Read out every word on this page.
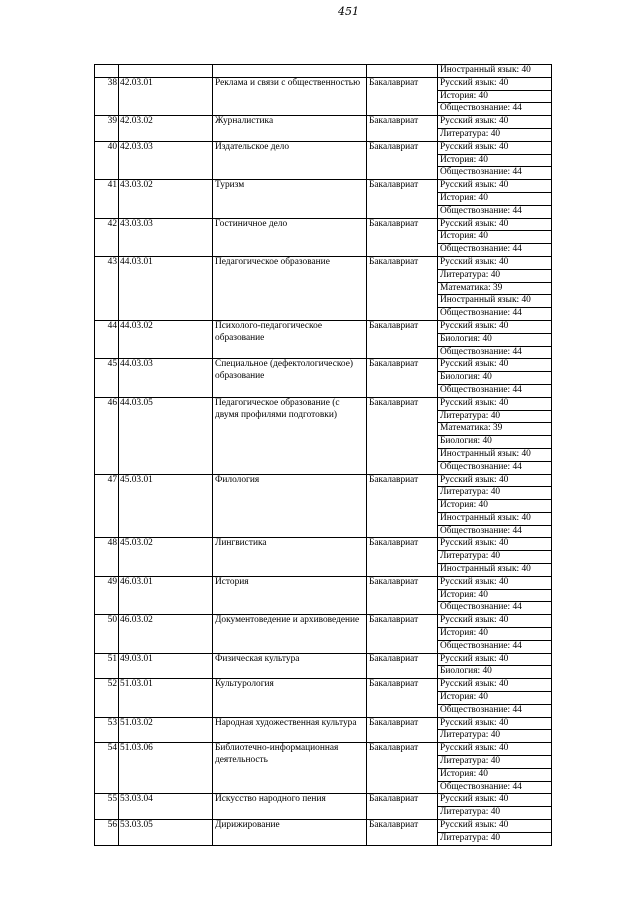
451
				Иностранный язык: 40
38	42.03.01	Реклама и связи с общественностью	Бакалавриат	Русский язык: 40
				История: 40
				Обществознание: 44
39	42.03.02	Журналистика	Бакалавриат	Русский язык: 40
				Литература: 40
40	42.03.03	Издательское дело	Бакалавриат	Русский язык: 40
				История: 40
				Обществознание: 44
41	43.03.02	Туризм	Бакалавриат	Русский язык: 40
				История: 40
				Обществознание: 44
42	43.03.03	Гостиничное дело	Бакалавриат	Русский язык: 40
				История: 40
				Обществознание: 44
43	44.03.01	Педагогическое образование	Бакалавриат	Русский язык: 40
				Литература: 40
				Математика: 39
				Иностранный язык: 40
				Обществознание: 44
44	44.03.02	Психолого-педагогическое образование	Бакалавриат	Русский язык: 40
				Биология: 40
				Обществознание: 44
45	44.03.03	Специальное (дефектологическое) образование	Бакалавриат	Русский язык: 40
				Биология: 40
				Обществознание: 44
46	44.03.05	Педагогическое образование (с двумя профилями подготовки)	Бакалавриат	Русский язык: 40
				Литература: 40
				Математика: 39
				Биология: 40
				Иностранный язык: 40
				Обществознание: 44
47	45.03.01	Филология	Бакалавриат	Русский язык: 40
				Литература: 40
				История: 40
				Иностранный язык: 40
				Обществознание: 44
48	45.03.02	Лингвистика	Бакалавриат	Русский язык: 40
				Литература: 40
				Иностранный язык: 40
49	46.03.01	История	Бакалавриат	Русский язык: 40
				История: 40
				Обществознание: 44
50	46.03.02	Документоведение и архивоведение	Бакалавриат	Русский язык: 40
				История: 40
				Обществознание: 44
51	49.03.01	Физическая культура	Бакалавриат	Русский язык: 40
				Биология: 40
52	51.03.01	Культурология	Бакалавриат	Русский язык: 40
				История: 40
				Обществознание: 44
53	51.03.02	Народная художественная культура	Бакалавриат	Русский язык: 40
				Литература: 40
54	51.03.06	Библиотечно-информационная деятельность	Бакалавриат	Русский язык: 40
				Литература: 40
				История: 40
				Обществознание: 44
55	53.03.04	Искусство народного пения	Бакалавриат	Русский язык: 40
				Литература: 40
56	53.03.05	Дирижирование	Бакалавриат	Русский язык: 40
				Литература: 40
